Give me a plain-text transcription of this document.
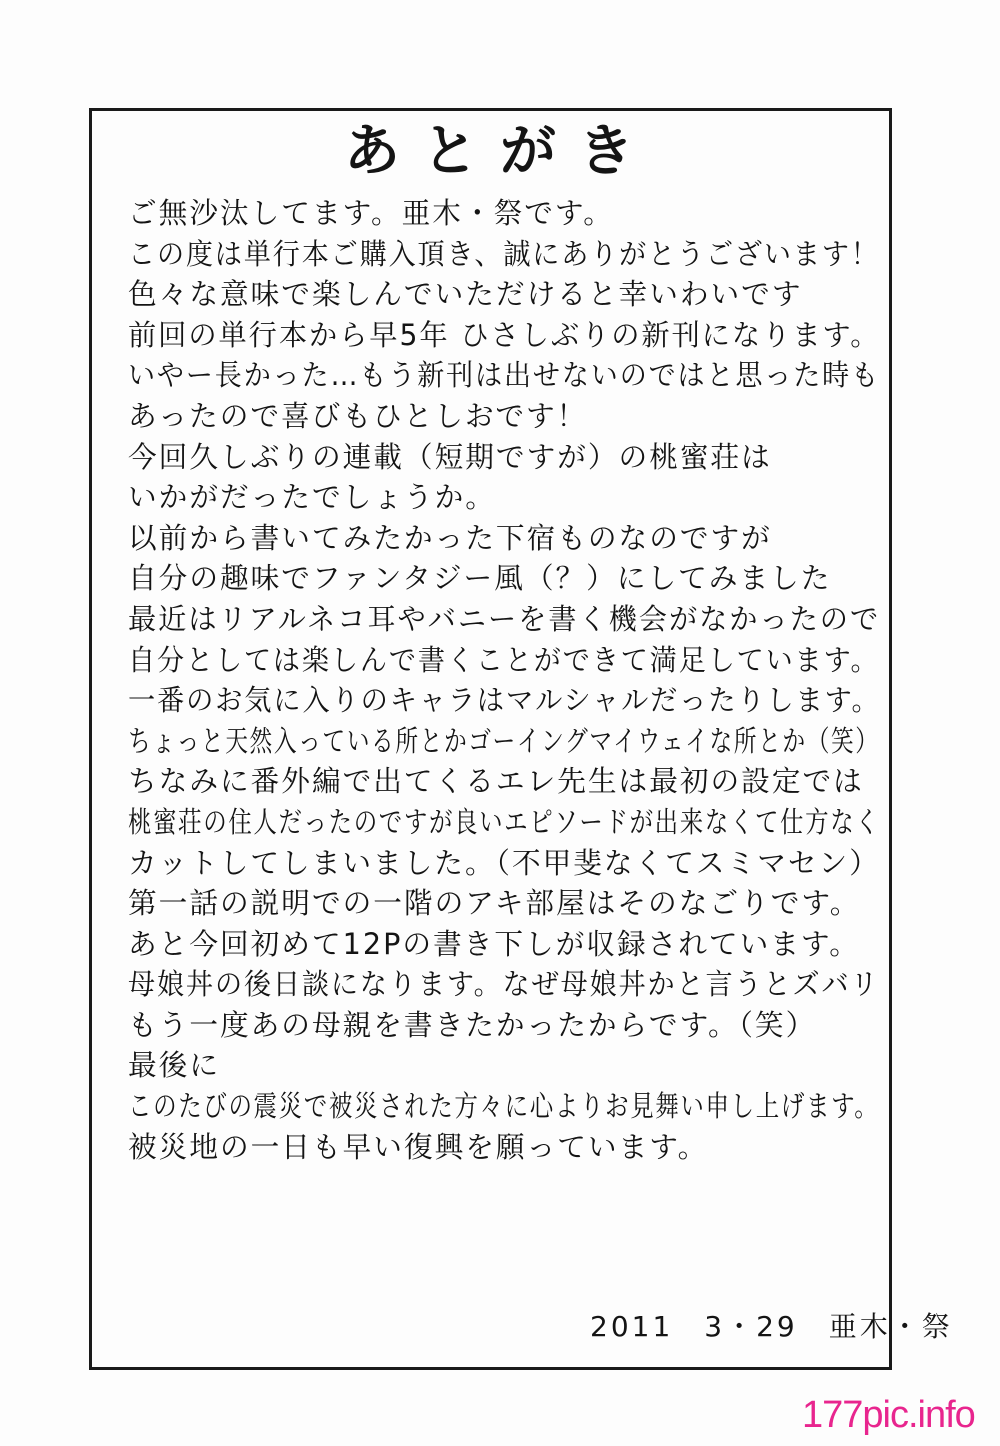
あとがき
ご無沙汰してます。亜木・祭です。
この度は単行本ご購入頂き、誠にありがとうございます！
色々な意味で楽しんでいただけると幸いわいです
前回の単行本から早5年 ひさしぶりの新刊になります。
いやー長かった…もう新刊は出せないのではと思った時も
あったので喜びもひとしおです！
今回久しぶりの連載（短期ですが）の桃蜜荘は
いかがだったでしょうか。
以前から書いてみたかった下宿ものなのですが
自分の趣味でファンタジー風（？）にしてみました
最近はリアルネコ耳やバニーを書く機会がなかったので
自分としては楽しんで書くことができて満足しています。
一番のお気に入りのキャラはマルシャルだったりします。
ちょっと天然入っている所とかゴーイングマイウェイな所とか（笑）
ちなみに番外編で出てくるエレ先生は最初の設定では
桃蜜荘の住人だったのですが良いエピソードが出来なくて仕方なく
カットしてしまいました。（不甲斐なくてスミマセン）
第一話の説明での一階のアキ部屋はそのなごりです。
あと今回初めて12Pの書き下しが収録されています。
母娘丼の後日談になります。なぜ母娘丼かと言うとズバリ
もう一度あの母親を書きたかったからです。（笑）
最後に
このたびの震災で被災された方々に心よりお見舞い申し上げます。
被災地の一日も早い復興を願っています。
2011　3・29　亜木・祭
177pic.info
